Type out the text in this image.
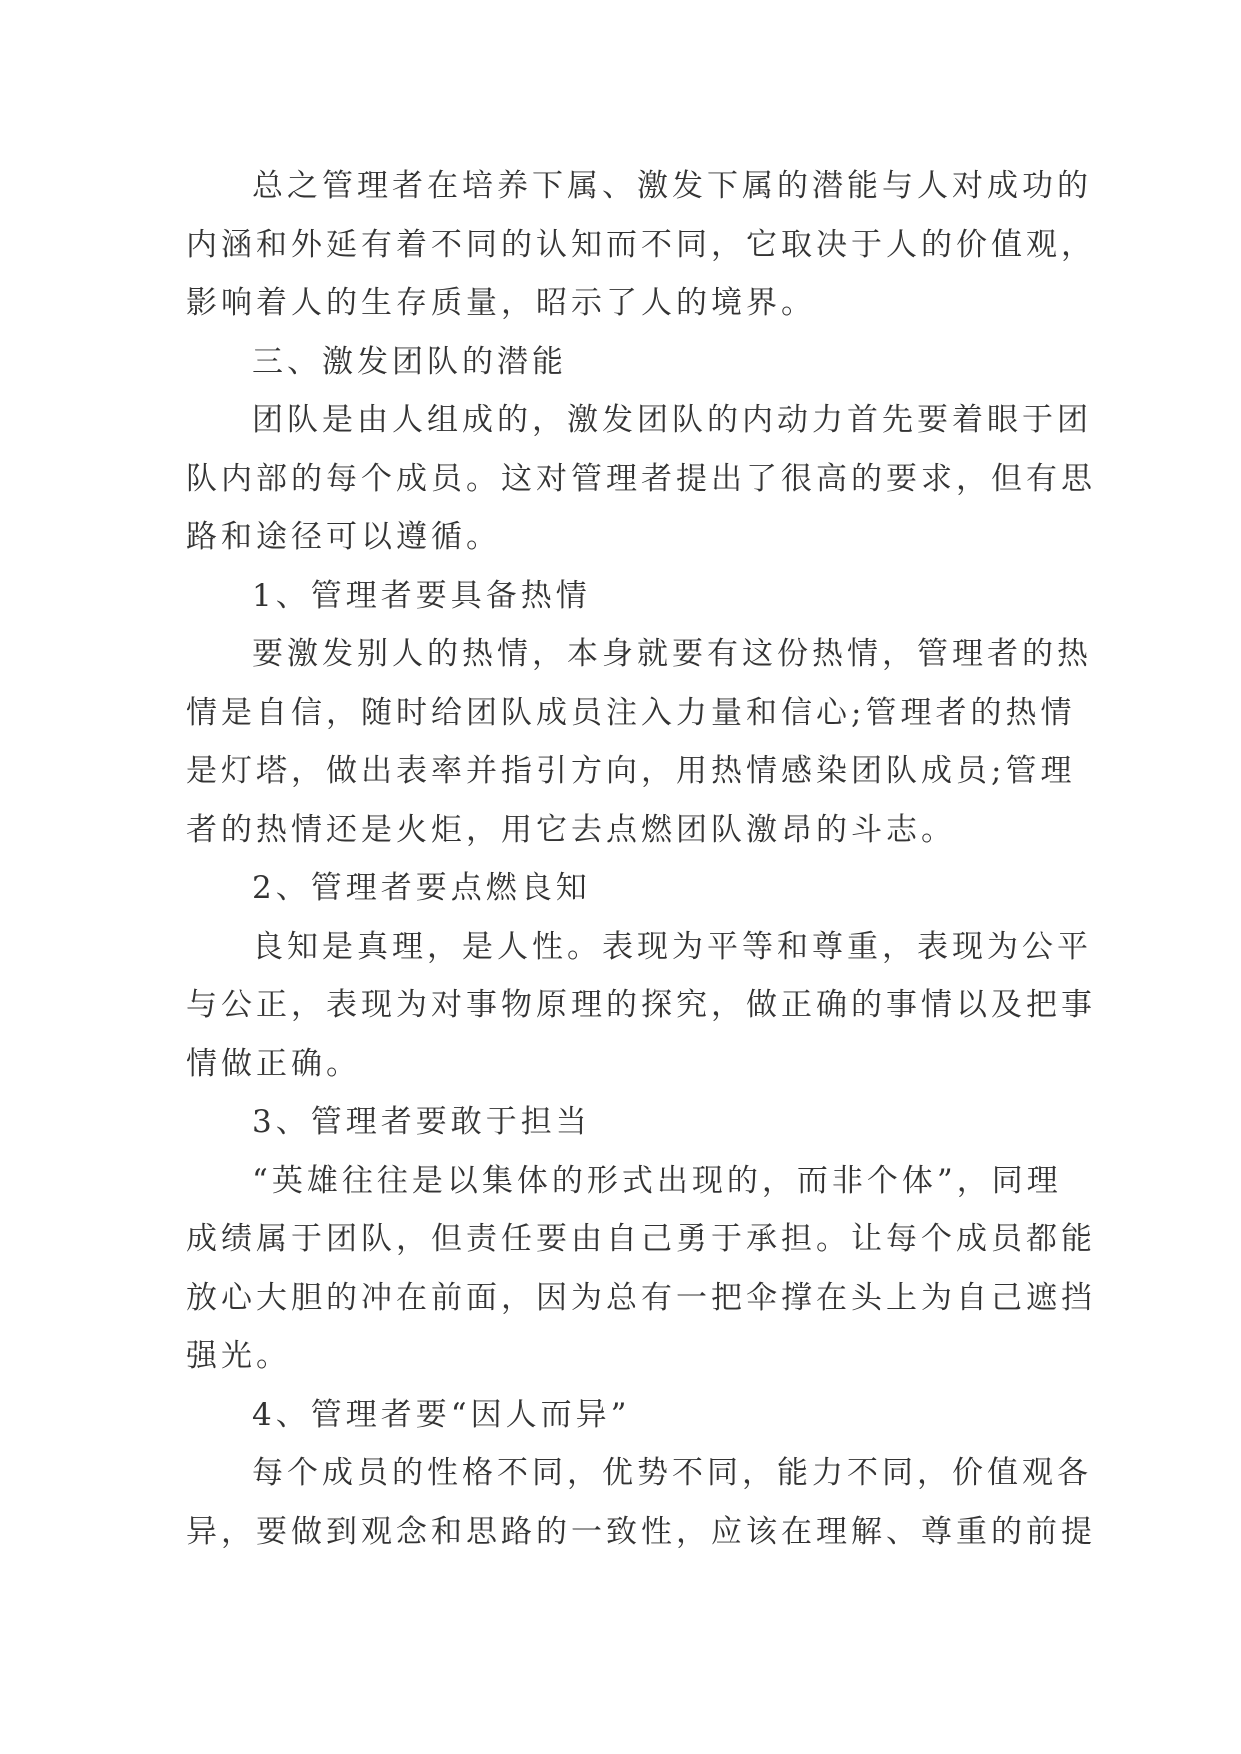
总之管理者在培养下属、激发下属的潜能与人对成功的
内涵和外延有着不同的认知而不同，它取决于人的价值观，
影响着人的生存质量，昭示了人的境界。
三、激发团队的潜能
团队是由人组成的，激发团队的内动力首先要着眼于团
队内部的每个成员。这对管理者提出了很高的要求，但有思
路和途径可以遵循。
1、管理者要具备热情
要激发别人的热情，本身就要有这份热情，管理者的热
情是自信，随时给团队成员注入力量和信心;管理者的热情
是灯塔，做出表率并指引方向，用热情感染团队成员;管理
者的热情还是火炬，用它去点燃团队激昂的斗志。
2、管理者要点燃良知
良知是真理，是人性。表现为平等和尊重，表现为公平
与公正，表现为对事物原理的探究，做正确的事情以及把事
情做正确。
3、管理者要敢于担当
“英雄往往是以集体的形式出现的，而非个体”，同理
成绩属于团队，但责任要由自己勇于承担。让每个成员都能
放心大胆的冲在前面，因为总有一把伞撑在头上为自己遮挡
强光。
4、管理者要“因人而异”
每个成员的性格不同，优势不同，能力不同，价值观各
异，要做到观念和思路的一致性，应该在理解、尊重的前提
